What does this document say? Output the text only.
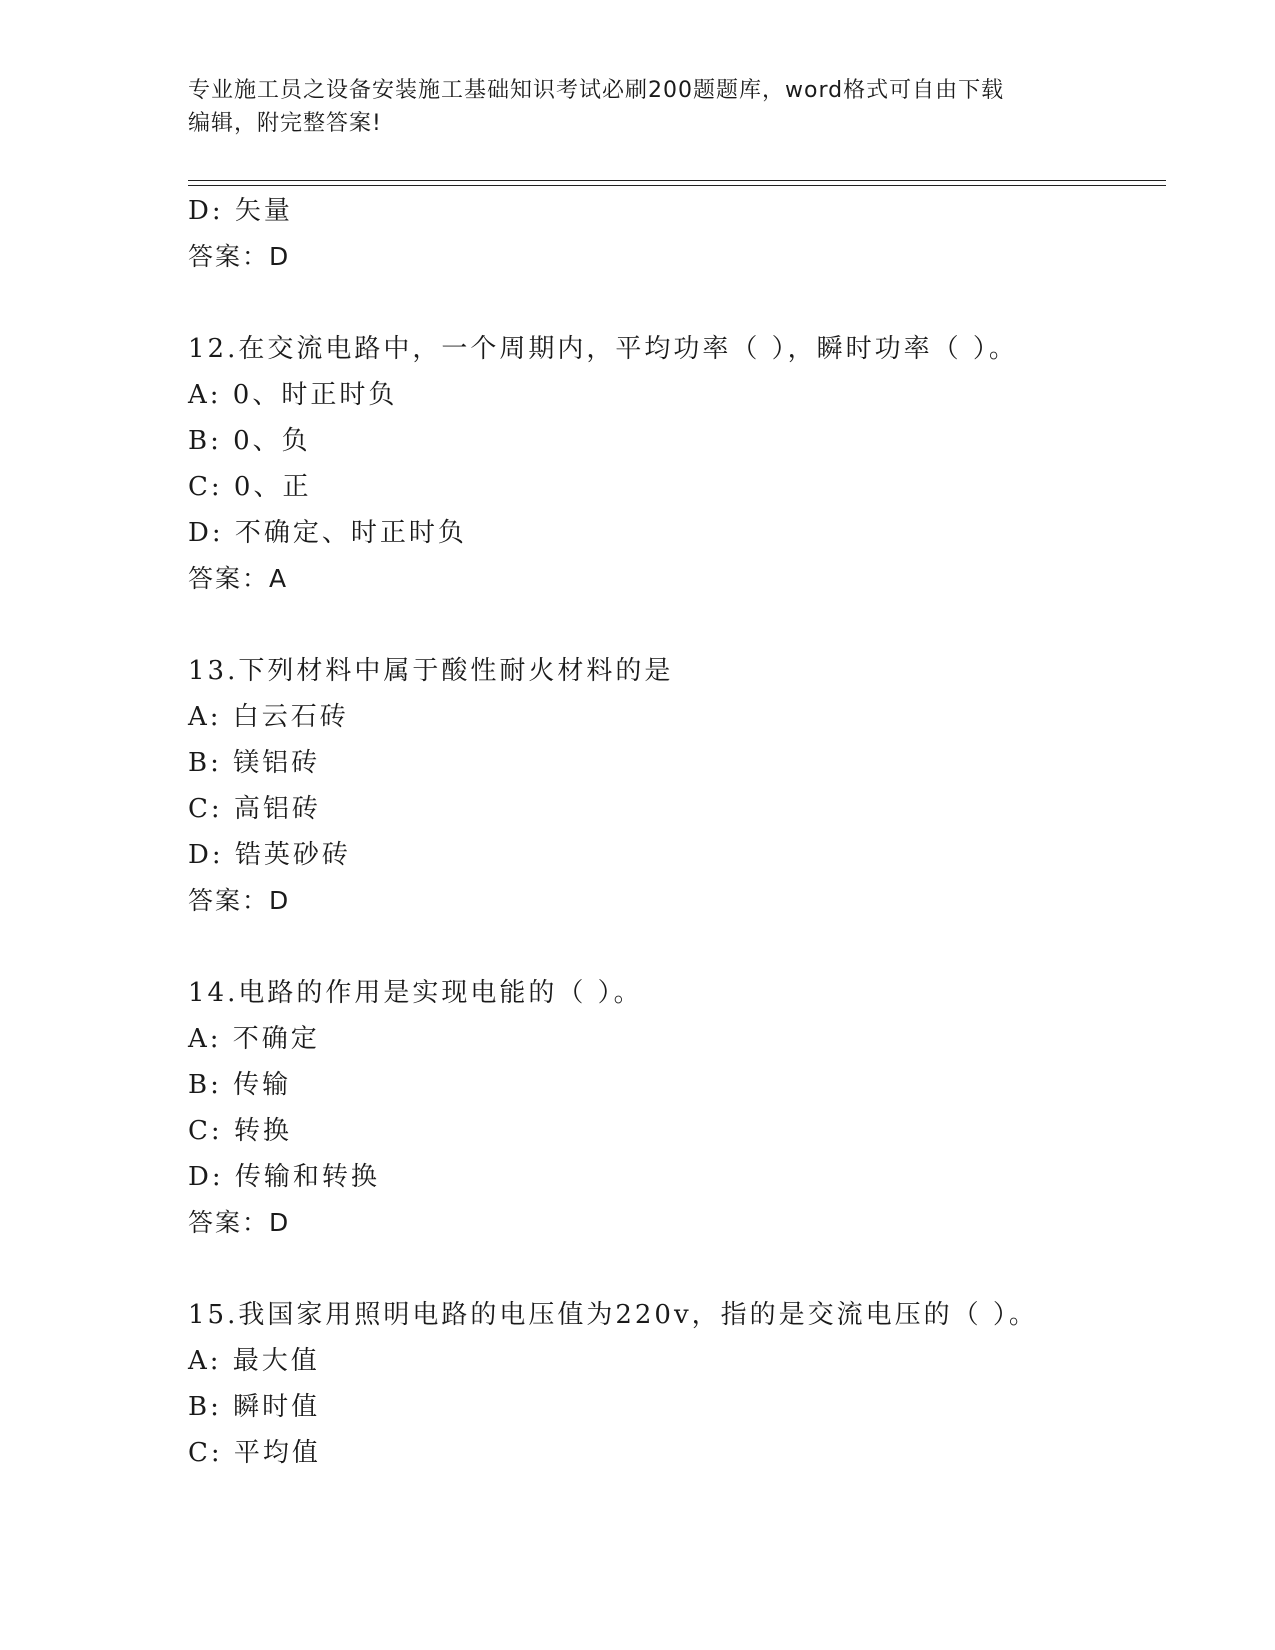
专业施工员之设备安装施工基础知识考试必刷200题题库，word格式可自由下载
编辑，附完整答案!
D: 矢量
答案：D
12.在交流电路中，一个周期内，平均功率（ ），瞬时功率（ ）。
A: 0、时正时负
B: 0、负
C: 0、正
D: 不确定、时正时负
答案：A
13.下列材料中属于酸性耐火材料的是
A: 白云石砖
B: 镁铝砖
C: 高铝砖
D: 锆英砂砖
答案：D
14.电路的作用是实现电能的（ ）。
A: 不确定
B: 传输
C: 转换
D: 传输和转换
答案：D
15.我国家用照明电路的电压值为220v，指的是交流电压的（ ）。
A: 最大值
B: 瞬时值
C: 平均值
